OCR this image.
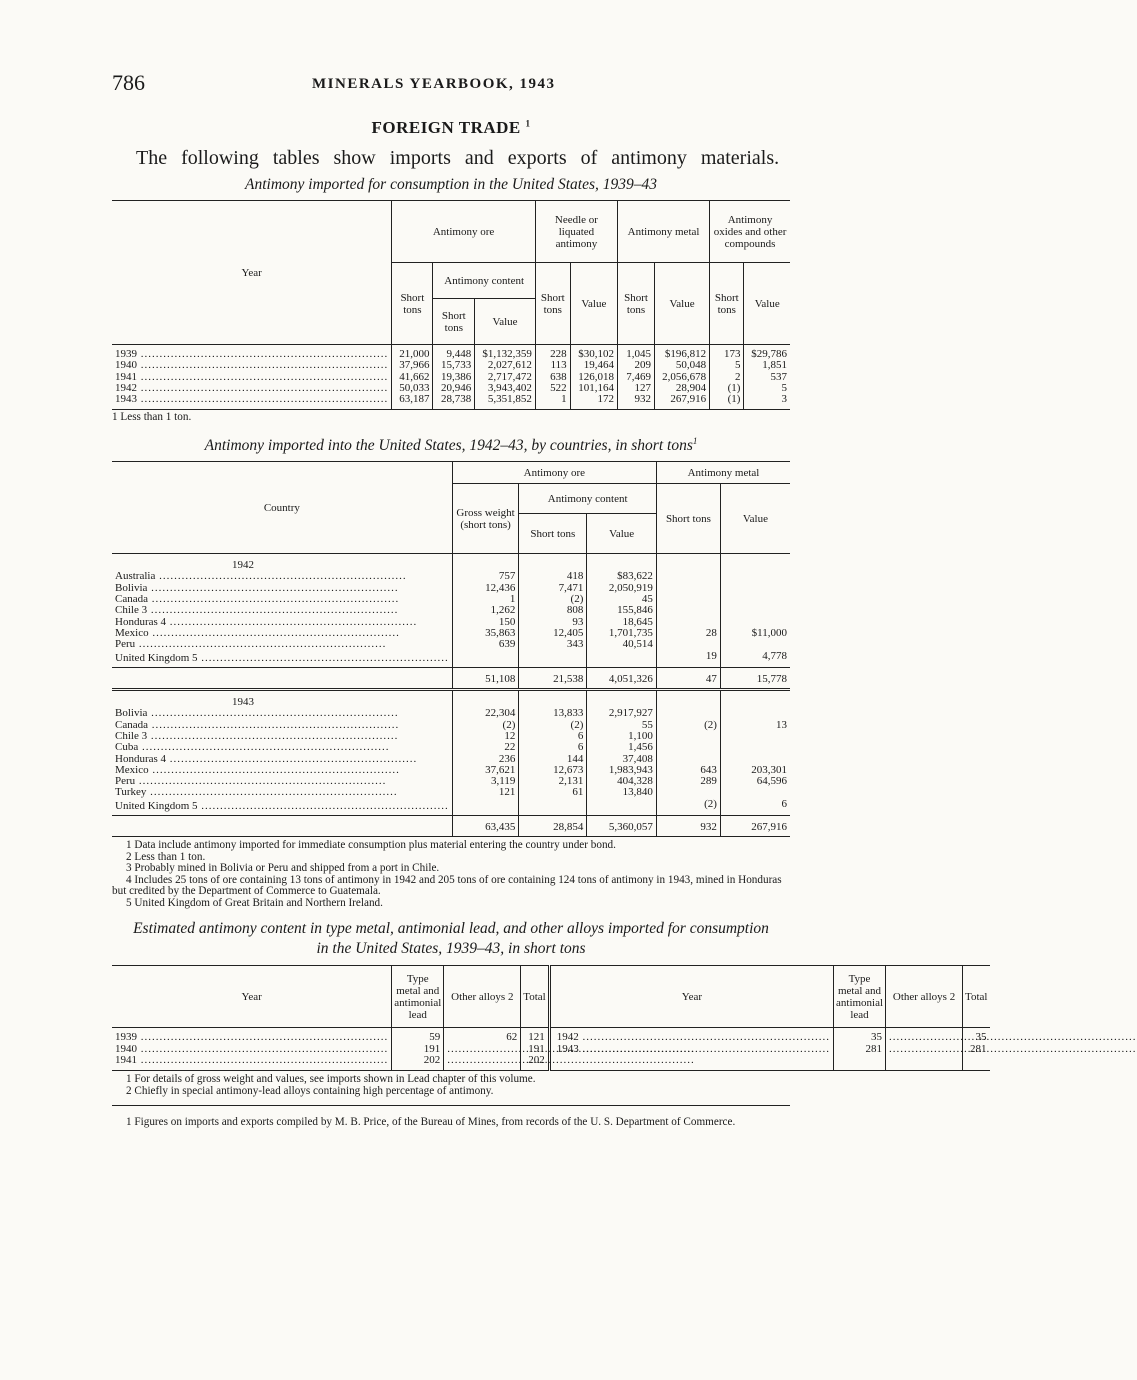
786	MINERALS YEARBOOK, 1943
FOREIGN TRADE $^1$
The following tables show imports and exports of antimony materials.
Antimony imported for consumption in the United States, 1939–43
Year	Antimony ore			Needle or liquated antimony		Antimony metal		Antimony oxides and other compounds	
	Short tons	Antimony content		Short tons	Value	Short tons	Value	Short tons	Value
		Short tons	Value						

1939 .....	21,000	9,448	$1,132,359	228	$30,102	1,045	$196,812	173	$29,786

1940 .....	37,966	15,733	2,027,612	113	19,464	209	50,048	5	1,851

1941 .....	41,662	19,386	2,717,472	638	126,018	7,469	2,056,678	2	537

1942 .....	50,033	20,946	3,943,402	522	101,164	127	28,904	(1)	5

1943 .....	63,187	28,738	5,351,852	1	172	932	267,916	(1)	3
1 Less than 1 ton.
Antimony imported into the United States, 1942–43, by countries, in short tons$^1$
Country	Antimony ore			Antimony metal	
	Gross weight (short tons)	Antimony content		Short tons	Value
		Short tons	Value		
1942					

Australia .....	757	418	$83,622		

Bolivia .....	12,436	7,471	2,050,919		

Canada .....	1	(2)	45		

Chile 3 .....	1,262	808	155,846		

Honduras 4 .....	150	93	18,645		

Mexico .....	35,863	12,405	1,701,735	28	$11,000

Peru .....	639	343	40,514		

United Kingdom 5 .....				19	4,778
	51,108	21,538	4,051,326	47	15,778
1943					

Bolivia .....	22,304	13,833	2,917,927		

Canada .....	(2)	(2)	55	(2)	13

Chile 3 .....	12	6	1,100		

Cuba .....	22	6	1,456		

Honduras 4 .....	236	144	37,408		

Mexico .....	37,621	12,673	1,983,943	643	203,301

Peru .....	3,119	2,131	404,328	289	64,596

Turkey .....	121	61	13,840		

United Kingdom 5 .....				(2)	6
	63,435	28,854	5,360,057	932	267,916

1 Data include antimony imported for immediate consumption plus material entering the country under bond.

2 Less than 1 ton.

3 Probably mined in Bolivia or Peru and shipped from a port in Chile.

4 Includes 25 tons of ore containing 13 tons of antimony in 1942 and 205 tons of ore containing 124 tons of antimony in 1943, mined in Honduras but credited by the Department of Commerce to Guatemala.

5 United Kingdom of Great Britain and Northern Ireland.

Estimated antimony content in type metal, antimonial lead, and other alloys imported for consumption in the United States, 1939–43, in short tons
Year	Type metal and antimonial lead	Other alloys 2	Total	Year	Type metal and antimonial lead	Other alloys 2	Total

1939 .....	59	62	121	1942 .....	35	.....	35

1940 .....	191	.....	191	1943 .....	281	.....	281

1941 .....	202	.....	202				

1 For details of gross weight and values, see imports shown in Lead chapter of this volume.

2 Chiefly in special antimony-lead alloys containing high percentage of antimony.

1 Figures on imports and exports compiled by M. B. Price, of the Bureau of Mines, from records of the U. S. Department of Commerce.
